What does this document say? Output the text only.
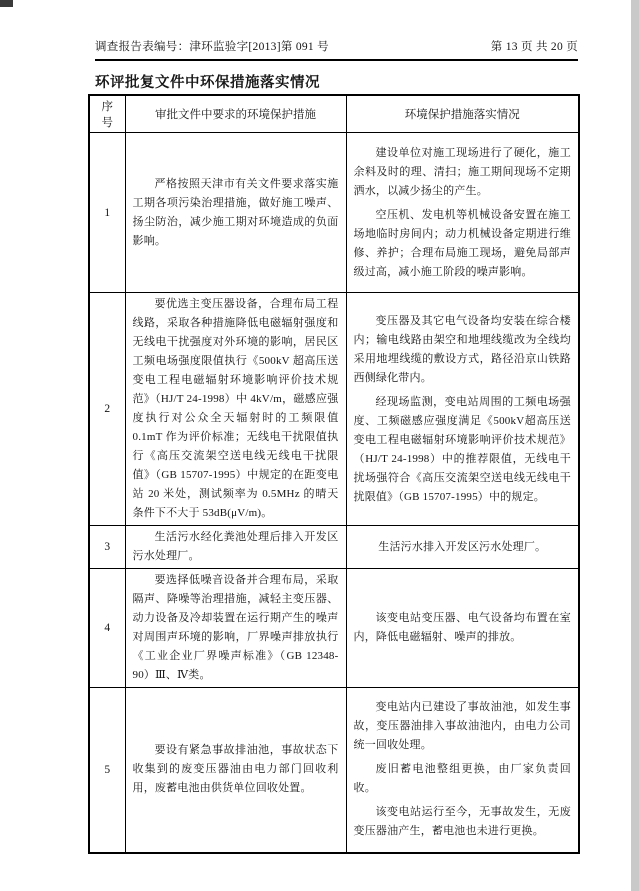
调查报告表编号：津环监验字[2013]第 091 号	第 13 页 共 20 页
环评批复文件中环保措施落实情况
序号	审批文件中要求的环境保护措施	环境保护措施落实情况
1	严格按照天津市有关文件要求落实施工期各项污染治理措施，做好施工噪声、扬尘防治，减少施工期对环境造成的负面影响。	建设单位对施工现场进行了硬化，施工余料及时的理、清扫；施工期间现场不定期洒水，以减少扬尘的产生。

空压机、发电机等机械设备安置在施工场地临时房间内；动力机械设备定期进行维修、养护；合理布局施工现场，避免局部声级过高，减小施工阶段的噪声影响。

2	要优选主变压器设备，合理布局工程线路，采取各种措施降低电磁辐射强度和无线电干扰强度对外环境的影响，居民区工频电场强度限值执行《500kV 超高压送变电工程电磁辐射环境影响评价技术规范》（HJ/T 24-1998）中 4kV/m，磁感应强度执行对公众全天辐射时的工频限值 0.1mT 作为评价标准；无线电干扰限值执行《高压交流架空送电线无线电干扰限值》（GB 15707-1995）中规定的在距变电站 20 米处，测试频率为 0.5MHz 的晴天条件下不大于 53dB(μV/m)。	变压器及其它电气设备均安装在综合楼内；输电线路由架空和地埋线缆改为全线均采用地埋线缆的敷设方式，路径沿京山铁路西侧绿化带内。

经现场监测，变电站周围的工频电场强度、工频磁感应强度满足《500kV超高压送变电工程电磁辐射环境影响评价技术规范》（HJ/T 24-1998）中的推荐限值，无线电干扰场强符合《高压交流架空送电线无线电干扰限值》（GB 15707-1995）中的规定。

3	生活污水经化粪池处理后排入开发区污水处理厂。	生活污水排入开发区污水处理厂。

4	要选择低噪音设备并合理布局，采取隔声、降噪等治理措施，减轻主变压器、动力设备及冷却装置在运行期产生的噪声对周围声环境的影响，厂界噪声排放执行《工业企业厂界噪声标准》（GB 12348-90）Ⅲ、Ⅳ类。	该变电站变压器、电气设备均布置在室内，降低电磁辐射、噪声的排放。

5	要设有紧急事故排油池，事故状态下收集到的废变压器油由电力部门回收利用，废蓄电池由供货单位回收处置。	变电站内已建设了事故油池，如发生事故，变压器油排入事故油池内，由电力公司统一回收处理。

废旧蓄电池整组更换，由厂家负责回收。

该变电站运行至今，无事故发生，无废变压器油产生，蓄电池也未进行更换。
